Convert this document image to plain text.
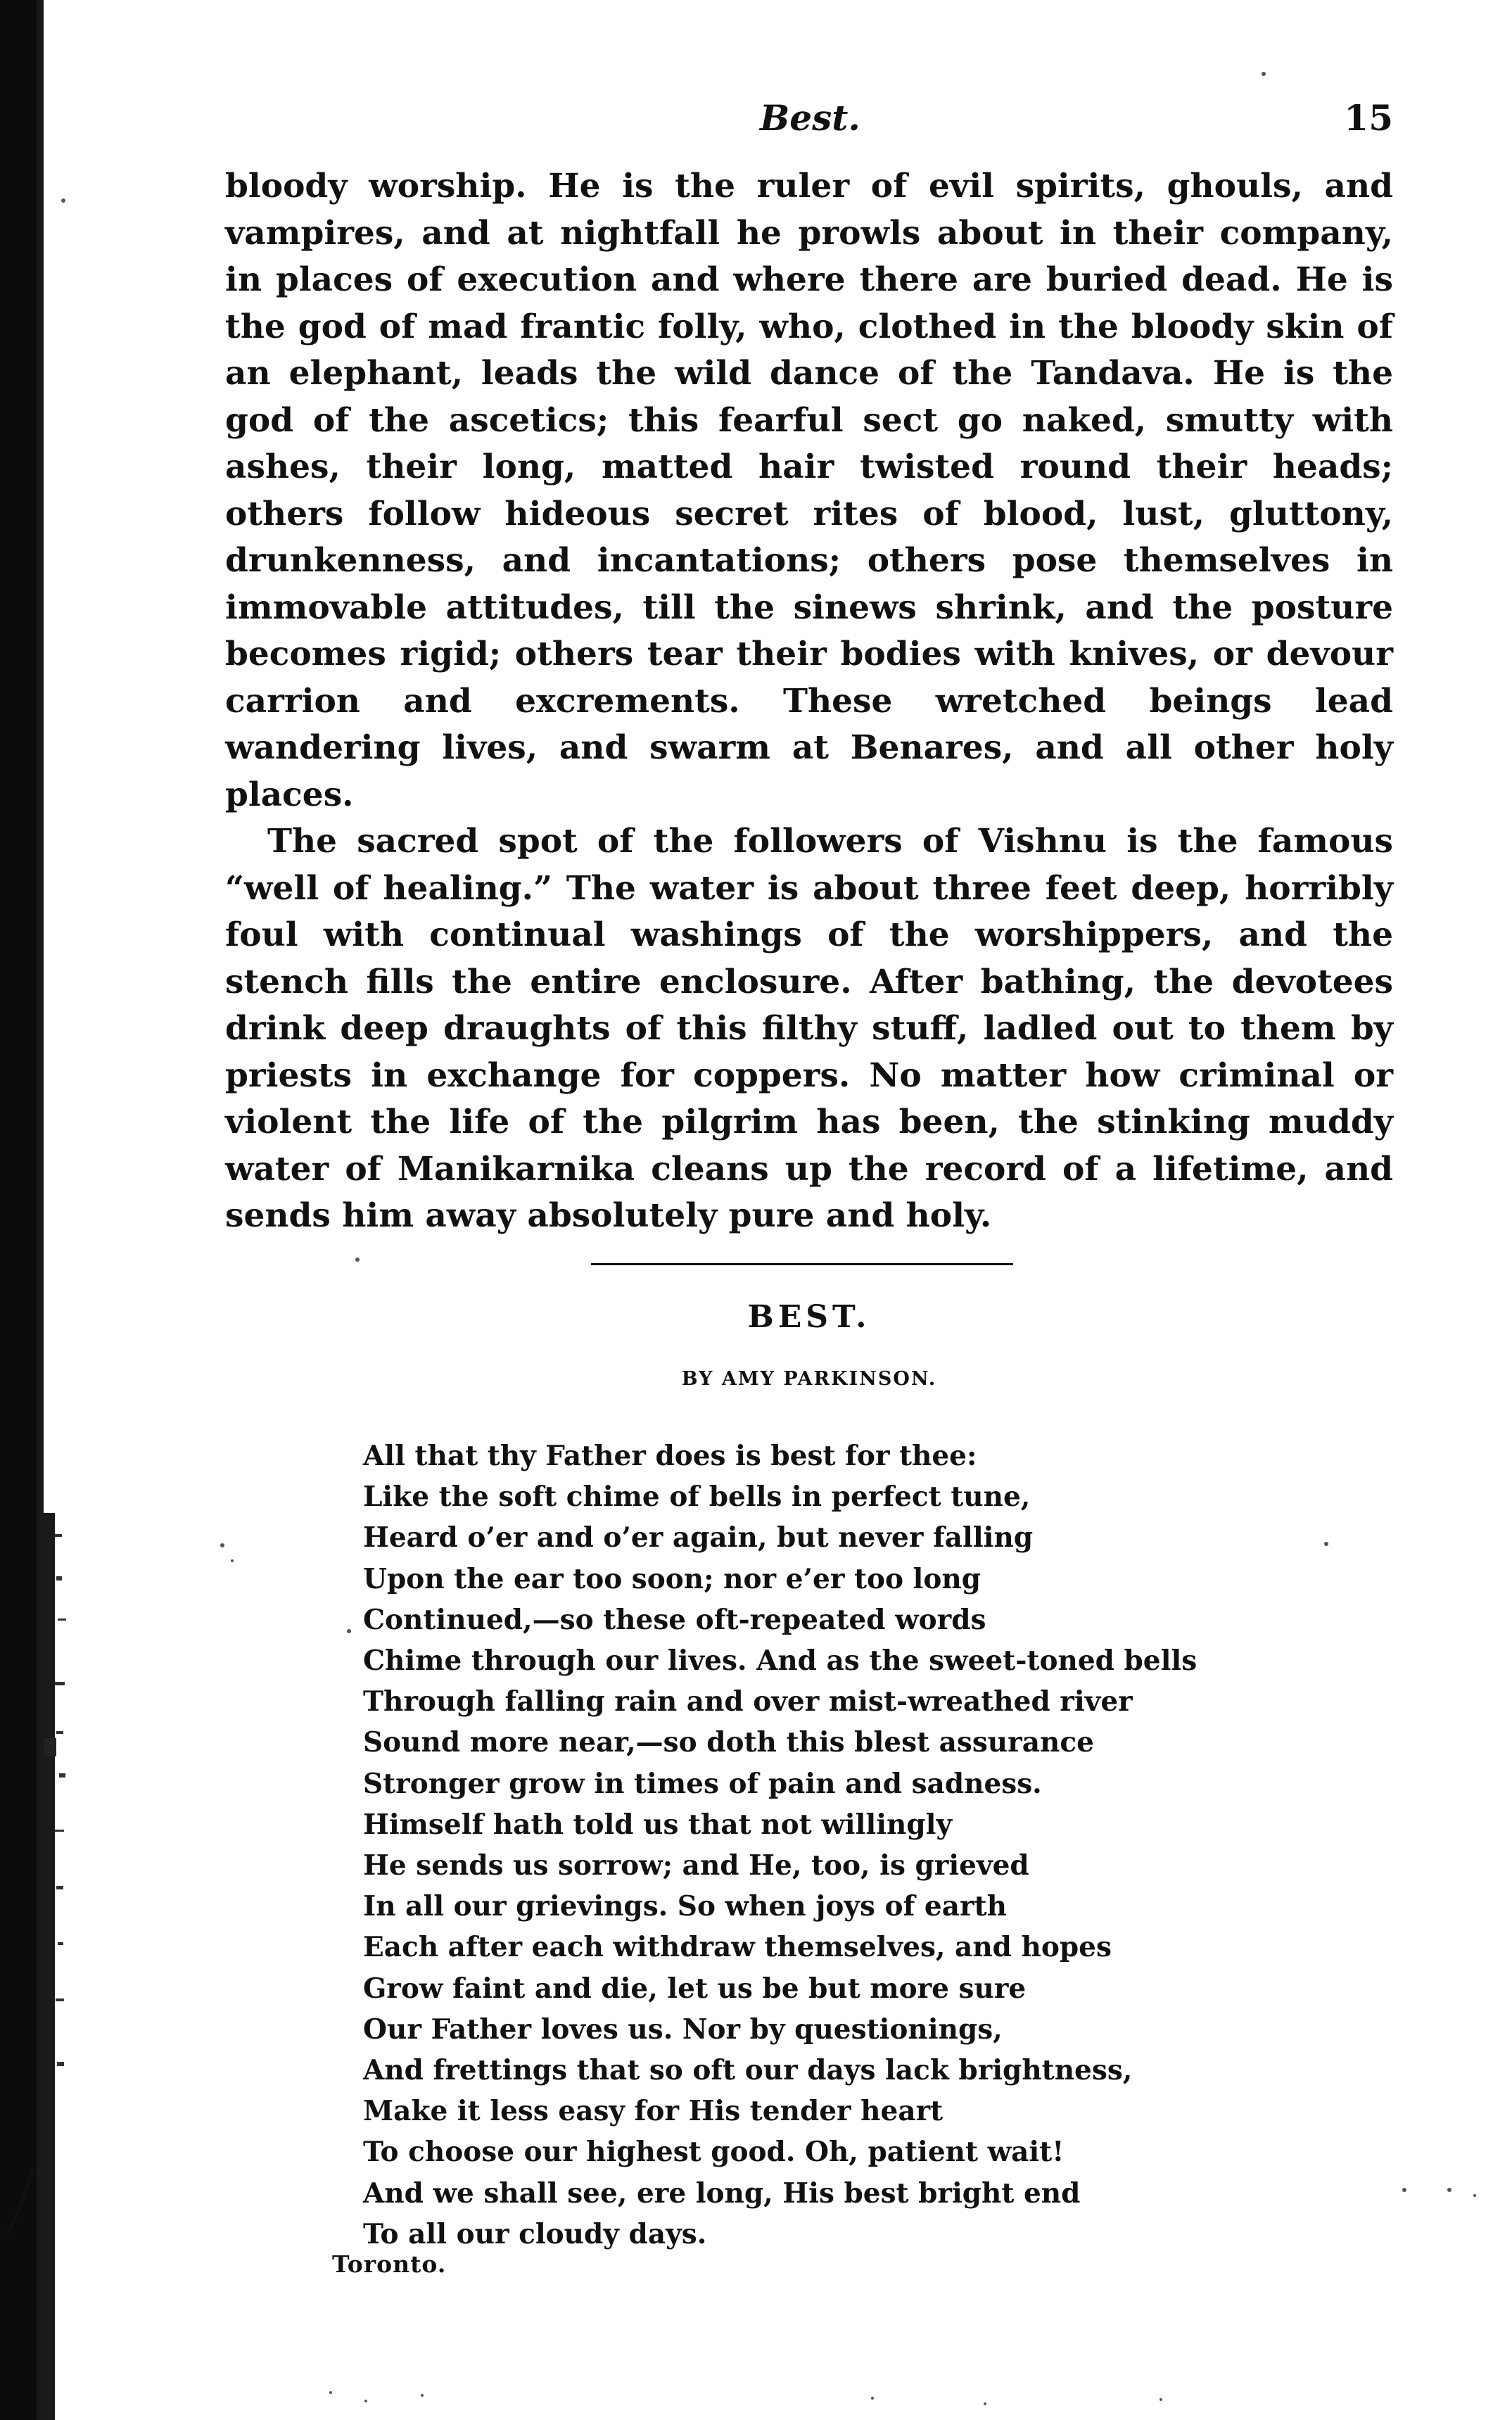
Best.	15

bloody worship. He is the ruler of evil spirits, ghouls, and vampires, and at nightfall he prowls about in their company, in places of execution and where there are buried dead. He is the god of mad frantic folly, who, clothed in the bloody skin of an elephant, leads the wild dance of the Tandava. He is the god of the ascetics; this fearful sect go naked, smutty with ashes, their long, matted hair twisted round their heads; others follow hideous secret rites of blood, lust, gluttony, drunkenness, and incantations; others pose themselves in immovable attitudes, till the sinews shrink, and the posture becomes rigid; others tear their bodies with knives, or devour carrion and excrements. These wretched beings lead wandering lives, and swarm at Benares, and all other holy places.

The sacred spot of the followers of Vishnu is the famous “well of healing.” The water is about three feet deep, horribly foul with continual washings of the worshippers, and the stench fills the entire enclosure. After bathing, the devotees drink deep draughts of this filthy stuff, ladled out to them by priests in exchange for coppers. No matter how criminal or violent the life of the pilgrim has been, the stinking muddy water of Manikarnika cleans up the record of a lifetime, and sends him away absolutely pure and holy.

BEST.
BY AMY PARKINSON.
All that thy Father does is best for thee:
Like the soft chime of bells in perfect tune,
Heard o’er and o’er again, but never falling
Upon the ear too soon; nor e’er too long
Continued,—so these oft-repeated words
Chime through our lives. And as the sweet-toned bells
Through falling rain and over mist-wreathed river
Sound more near,—so doth this blest assurance
Stronger grow in times of pain and sadness.
Himself hath told us that not willingly
He sends us sorrow; and He, too, is grieved
In all our grievings. So when joys of earth
Each after each withdraw themselves, and hopes
Grow faint and die, let us be but more sure
Our Father loves us. Nor by questionings,
And frettings that so oft our days lack brightness,
Make it less easy for His tender heart
To choose our highest good. Oh, patient wait!
And we shall see, ere long, His best bright end
To all our cloudy days.
Toronto.
